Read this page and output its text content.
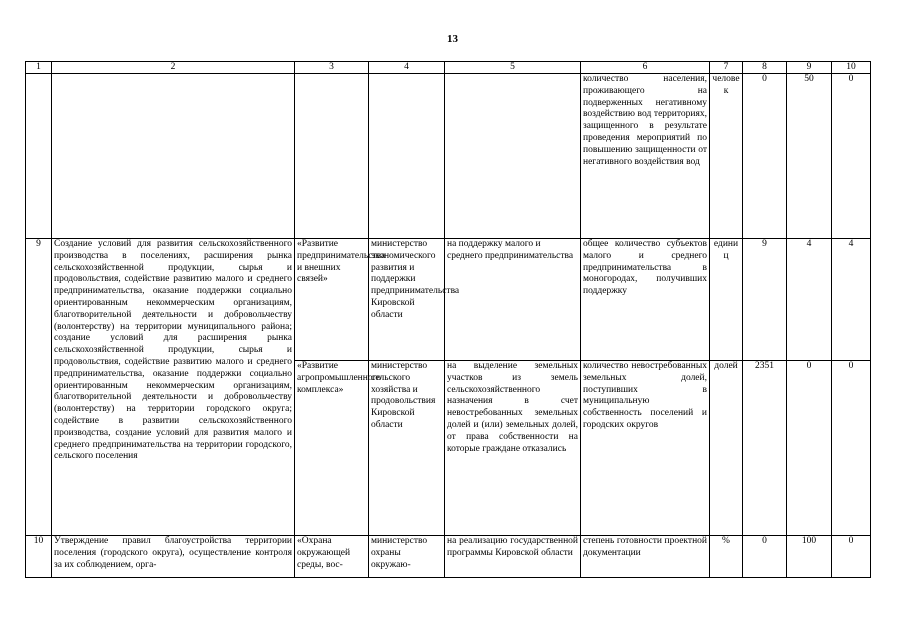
13
1	2	3	4	5	6	7	8	9	10
					количество населения, проживающего на подверженных негативному воздействию вод территориях, защищенного в результате проведения мероприятий по повышению защищенности от негативного воздействия вод	человек	0	50	0
9	Создание условий для развития сельскохозяйственного производства в поселениях, расширения рынка сельскохозяйственной продукции, сырья и продовольствия, содействие развитию малого и среднего предпринимательства, оказание поддержки социально ориентированным некоммерческим организациям, благотворительной деятельности и добровольчеству (волонтерству) на территории муниципального района; создание условий для расширения рынка сельскохозяйственной продукции, сырья и продовольствия, содействие развитию малого и среднего предпринимательства, оказание поддержки социально ориентированным некоммерческим организациям, благотворительной деятельности и добровольчеству (волонтерству) на территории городского округа; содействие в развитии сельскохозяйственного производства, создание условий для развития малого и среднего предпринимательства на территории городского, сельского поселения	«Развитие предпринимательства и внешних связей»	министерство экономического развития и поддержки предпринимательства Кировской области	на поддержку малого и среднего предпринимательства	общее количество субъектов малого и среднего предпринимательства в моногородах, получивших поддержку	единиц	9	4	4
		«Развитие агропромышленного комплекса»	министерство сельского хозяйства и продовольствия Кировской области	на выделение земельных участков из земель сельскохозяйственного назначения в счет невостребованных земельных долей и (или) земельных долей, от права собственности на которые граждане отказались	количество невостребованных земельных долей, поступивших в муниципальную собственность поселений и городских округов	долей	2351	0	0
10	Утверждение правил благоустройства территории поселения (городского округа), осуществление контроля за их соблюдением, орга-	«Охрана окружающей среды, вос-	министерство охраны окружаю-	на реализацию государственной программы Кировской области	степень готовности проектной документации	%	0	100	0
